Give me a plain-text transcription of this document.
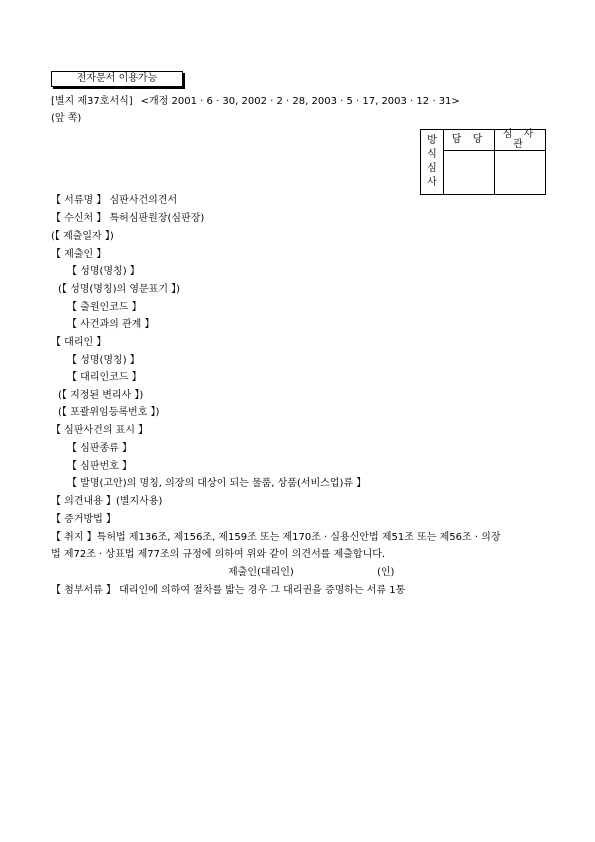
전자문서 이용가능
[별지 제37호서식] <개정 2001 · 6 · 30, 2002 · 2 · 28, 2003 · 5 · 17, 2003 · 12 · 31>
(앞 쪽)
방
식
심
사	담 당	심 사 관

【 서류명 】 심판사건의견서
【 수신처 】 특허심판원장(심판장)
(【 제출일자 】)
【 제출인 】
【 성명(명칭) 】
(【 성명(명칭)의 영문표기 】)
【 출원인코드 】
【 사건과의 관계 】
【 대리인 】
【 성명(명칭) 】
【 대리인코드 】
(【 지정된 변리사 】)
(【 포괄위임등록번호 】)
【 심판사건의 표시 】
【 심판종류 】
【 심판번호 】
【 발명(고안)의 명칭, 의장의 대상이 되는 물품, 상품(서비스업)류 】
【 의견내용 】(별지사용)
【 증거방법 】
【 취지 】특허법 제136조, 제156조, 제159조 또는 제170조 · 실용신안법 제51조 또는 제56조 · 의장
법 제72조 · 상표법 제77조의 규정에 의하여 위와 같이 의견서를 제출합니다.
제출인(대리인)	(인)
【 첨부서류 】 대리인에 의하여 절차를 밟는 경우 그 대리권을 증명하는 서류 1통
